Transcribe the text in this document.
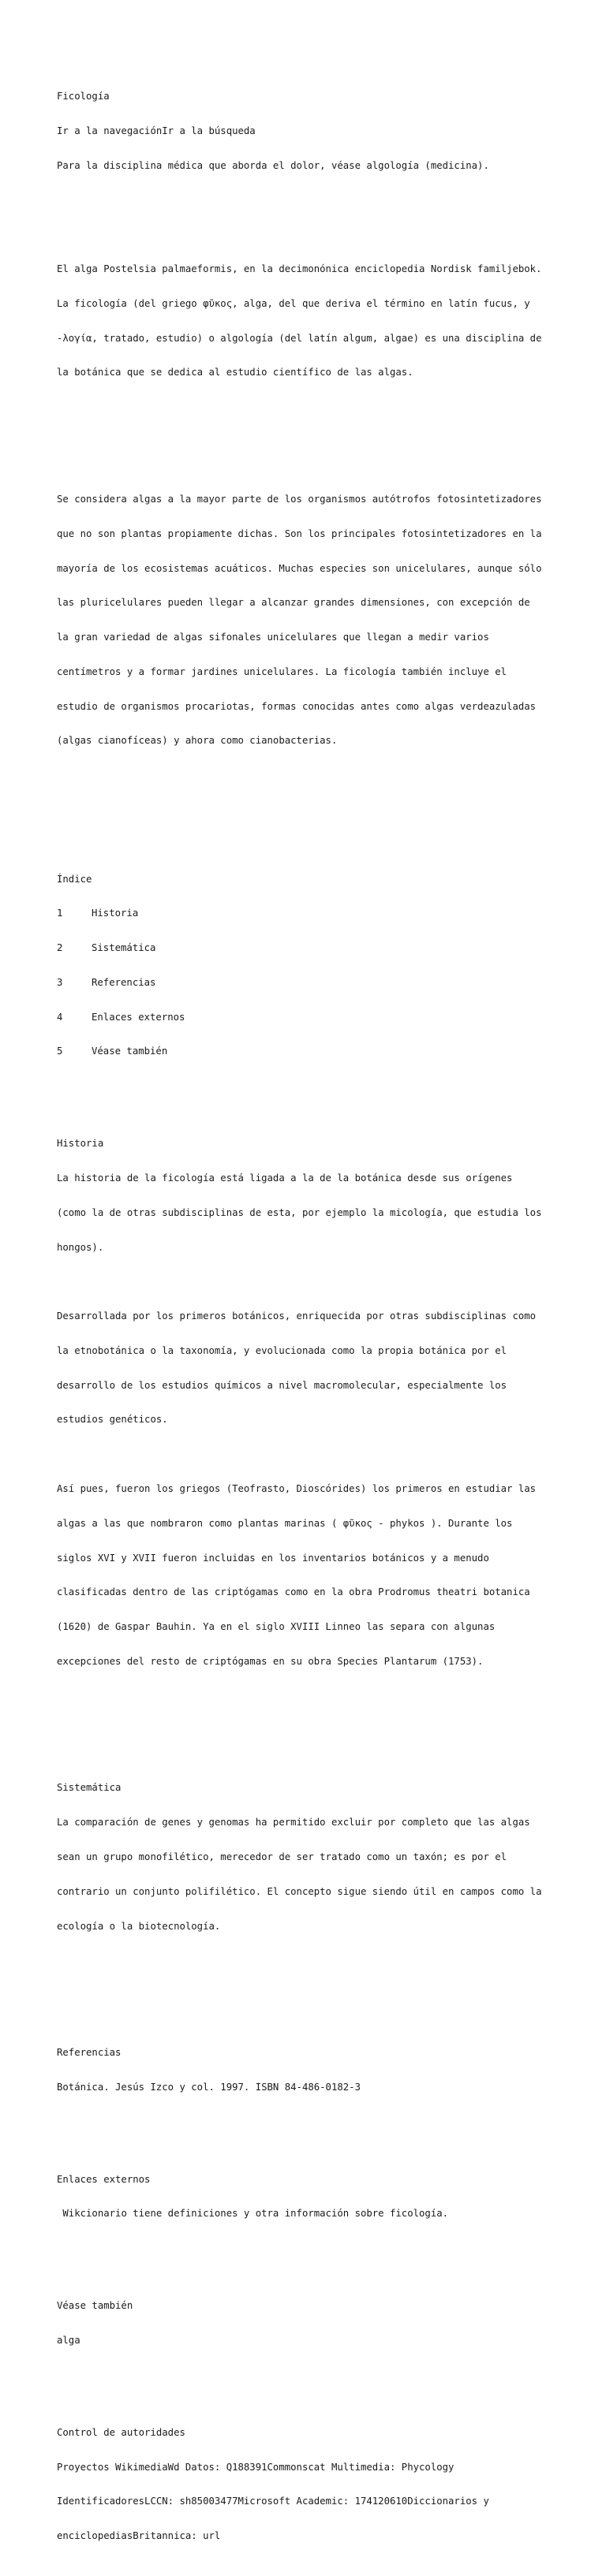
Ficología

Ir a la navegaciónIr a la búsqueda

Para la disciplina médica que aborda el dolor, véase algología (medicina).

El alga Postelsia palmaeformis, en la decimonónica enciclopedia Nordisk familjebok.

La ficología (del griego φῦκος, alga, del que deriva el término en latín fucus, y

-λογία, tratado, estudio) o algología (del latín algum, algae) es una disciplina de

la botánica que se dedica al estudio científico de las algas.

Se considera algas a la mayor parte de los organismos autótrofos fotosintetizadores

que no son plantas propiamente dichas. Son los principales fotosintetizadores en la

mayoría de los ecosistemas acuáticos. Muchas especies son unicelulares, aunque sólo

las pluricelulares pueden llegar a alcanzar grandes dimensiones, con excepción de

la gran variedad de algas sifonales unicelulares que llegan a medir varios

centímetros y a formar jardines unicelulares. La ficología también incluye el

estudio de organismos procariotas, formas conocidas antes como algas verdeazuladas

(algas cianofíceas) y ahora como cianobacterias.

Índice

1	Historia

2	Sistemática

3	Referencias

4	Enlaces externos

5	Véase también

Historia

La historia de la ficología está ligada a la de la botánica desde sus orígenes

(como la de otras subdisciplinas de esta, por ejemplo la micología, que estudia los

hongos).

Desarrollada por los primeros botánicos, enriquecida por otras subdisciplinas como

la etnobotánica o la taxonomía, y evolucionada como la propia botánica por el

desarrollo de los estudios químicos a nivel macromolecular, especialmente los

estudios genéticos.

Así pues, fueron los griegos (Teofrasto, Dioscórides) los primeros en estudiar las

algas a las que nombraron como plantas marinas ( φῦκος - phykos ). Durante los

siglos XVI y XVII fueron incluidas en los inventarios botánicos y a menudo

clasificadas dentro de las criptógamas como en la obra Prodromus theatri botanica

(1620) de Gaspar Bauhin. Ya en el siglo XVIII Linneo las separa con algunas

excepciones del resto de criptógamas en su obra Species Plantarum (1753).

Sistemática

La comparación de genes y genomas ha permitido excluir por completo que las algas

sean un grupo monofilético, merecedor de ser tratado como un taxón; es por el

contrario un conjunto polifilético. El concepto sigue siendo útil en campos como la

ecología o la biotecnología.

Referencias

Botánica. Jesús Izco y col. 1997. ISBN 84-486-0182-3

Enlaces externos

Wikcionario tiene definiciones y otra información sobre ficología.

Véase también

alga

Control de autoridades

Proyectos WikimediaWd Datos: Q188391Commonscat Multimedia: Phycology

IdentificadoresLCCN: sh85003477Microsoft Academic: 174120610Diccionarios y

enciclopediasBritannica: url
